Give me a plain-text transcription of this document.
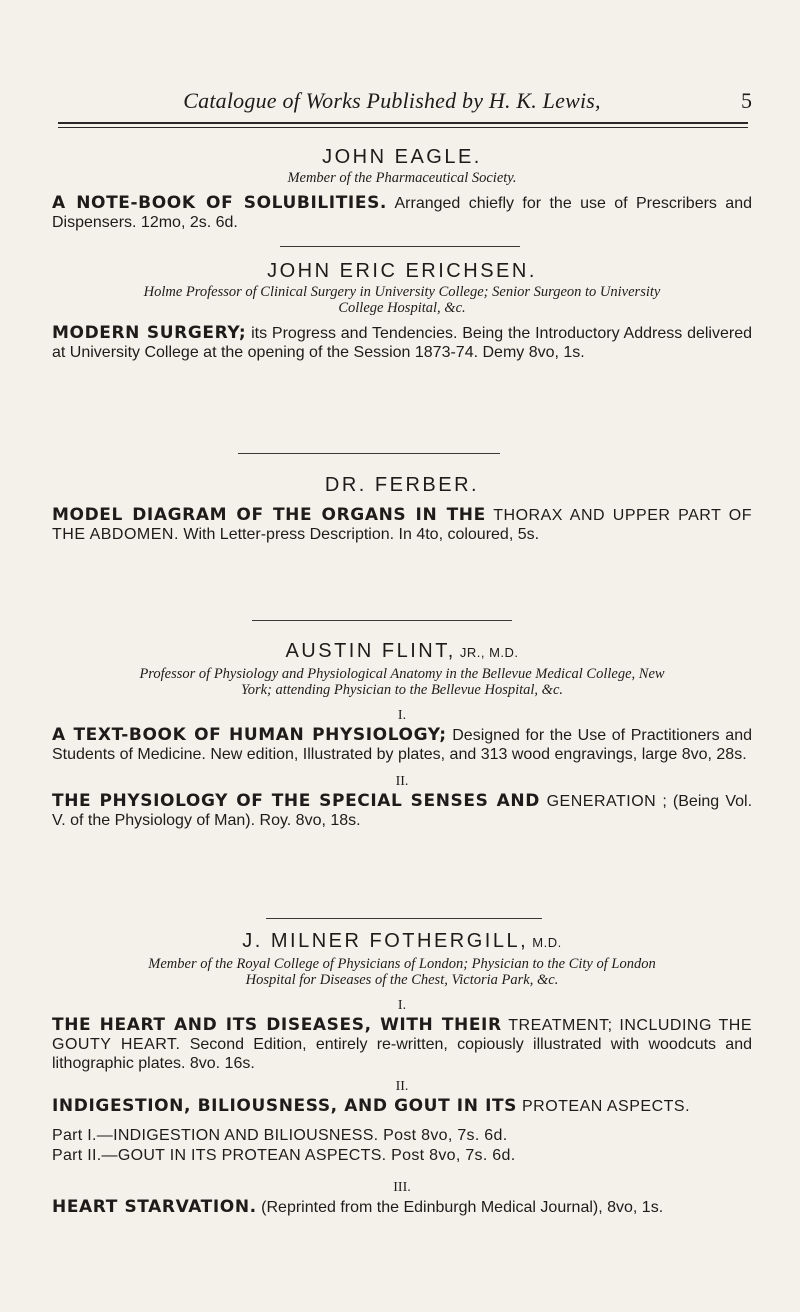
Catalogue of Works Published by H. K. Lewis,	5

JOHN EAGLE.

Member of the Pharmaceutical Society.

A NOTE-BOOK OF SOLUBILITIES. Arranged chiefly for the use of Prescribers and Dispensers. 12mo, 2s. 6d.

JOHN ERIC ERICHSEN.

Holme Professor of Clinical Surgery in University College; Senior Surgeon to University

College Hospital, &c.

MODERN SURGERY; its Progress and Tendencies. Being the Introductory Address delivered at University College at the opening of the Session 1873-74. Demy 8vo, 1s.

DR. FERBER.

MODEL DIAGRAM OF THE ORGANS IN THE THORAX AND UPPER PART OF THE ABDOMEN. With Letter-press Description. In 4to, coloured, 5s.

AUSTIN FLINT, JR., M.D.

Professor of Physiology and Physiological Anatomy in the Bellevue Medical College, New

York; attending Physician to the Bellevue Hospital, &c.

I.

A TEXT-BOOK OF HUMAN PHYSIOLOGY; Designed for the Use of Practitioners and Students of Medicine. New edition, Illustrated by plates, and 313 wood engravings, large 8vo, 28s.

II.

THE PHYSIOLOGY OF THE SPECIAL SENSES AND GENERATION ; (Being Vol. V. of the Physiology of Man). Roy. 8vo, 18s.

J. MILNER FOTHERGILL, M.D.

Member of the Royal College of Physicians of London; Physician to the City of London

Hospital for Diseases of the Chest, Victoria Park, &c.

I.

THE HEART AND ITS DISEASES, WITH THEIR TREATMENT; INCLUDING THE GOUTY HEART. Second Edition, entirely re-written, copiously illustrated with woodcuts and lithographic plates. 8vo. 16s.

II.

INDIGESTION, BILIOUSNESS, AND GOUT IN ITS PROTEAN ASPECTS.

Part I.—INDIGESTION AND BILIOUSNESS. Post 8vo, 7s. 6d.

Part II.—GOUT IN ITS PROTEAN ASPECTS. Post 8vo, 7s. 6d.

III.

HEART STARVATION. (Reprinted from the Edinburgh Medical Journal), 8vo, 1s.
